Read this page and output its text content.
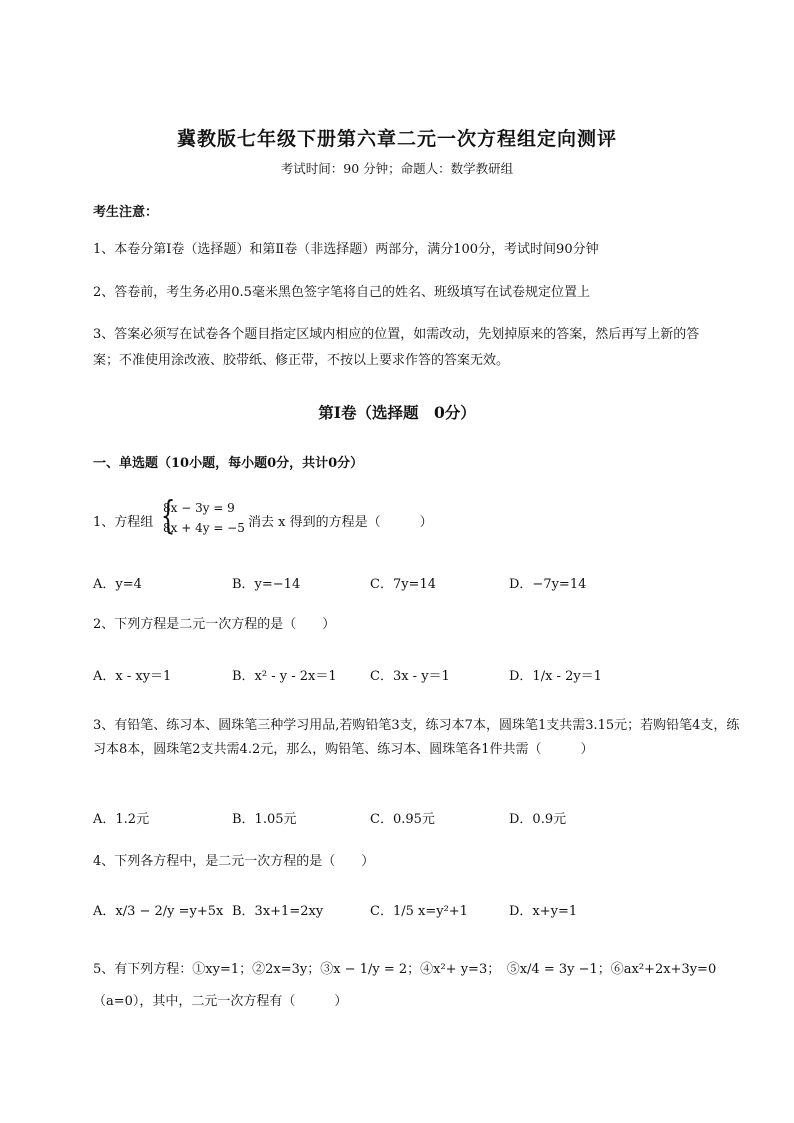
冀教版七年级下册第六章二元一次方程组定向测评
考试时间：90 分钟；命题人：数学教研组
考生注意：
1、本卷分第Ⅰ卷（选择题）和第Ⅱ卷（非选择题）两部分，满分100分，考试时间90分钟
2、答卷前，考生务必用0.5毫米黑色签字笔将自己的姓名、班级填写在试卷规定位置上
3、答案必须写在试卷各个题目指定区域内相应的位置，如需改动，先划掉原来的答案，然后再写上新的答案；不准使用涂改液、胶带纸、修正带，不按以上要求作答的答案无效。
第Ⅰ卷（选择题　0分）
一、单选题（10小题，每小题0分，共计0分）
1、方程组 {
8x − 3y = 9
8x + 4y = −5 消去 x 得到的方程是（　　　）
A．y=4	B．y=−14	C．7y=14	D．−7y=14
2、下列方程是二元一次方程的是（　　）
A．x - xy＝1	B．x² - y - 2x＝1	C．3x - y＝1	D．1/x - 2y＝1
3、有铅笔、练习本、圆珠笔三种学习用品,若购铅笔3支，练习本7本，圆珠笔1支共需3.15元；若购铅笔4支，练习本8本，圆珠笔2支共需4.2元，那么，购铅笔、练习本、圆珠笔各1件共需（　　　）
A．1.2元	B．1.05元	C．0.95元	D．0.9元
4、下列各方程中，是二元一次方程的是（　　）
A．x/3 − 2/y =y+5x B．3x+1=2xy	C．1/5 x=y²+1	D．x+y=1
5、有下列方程：①xy=1；②2x=3y；③x − 1/y = 2；④x²+ y=3；　⑤x/4 = 3y −1；⑥ax²+2x+3y=0
（a=0），其中，二元一次方程有（　　　）
